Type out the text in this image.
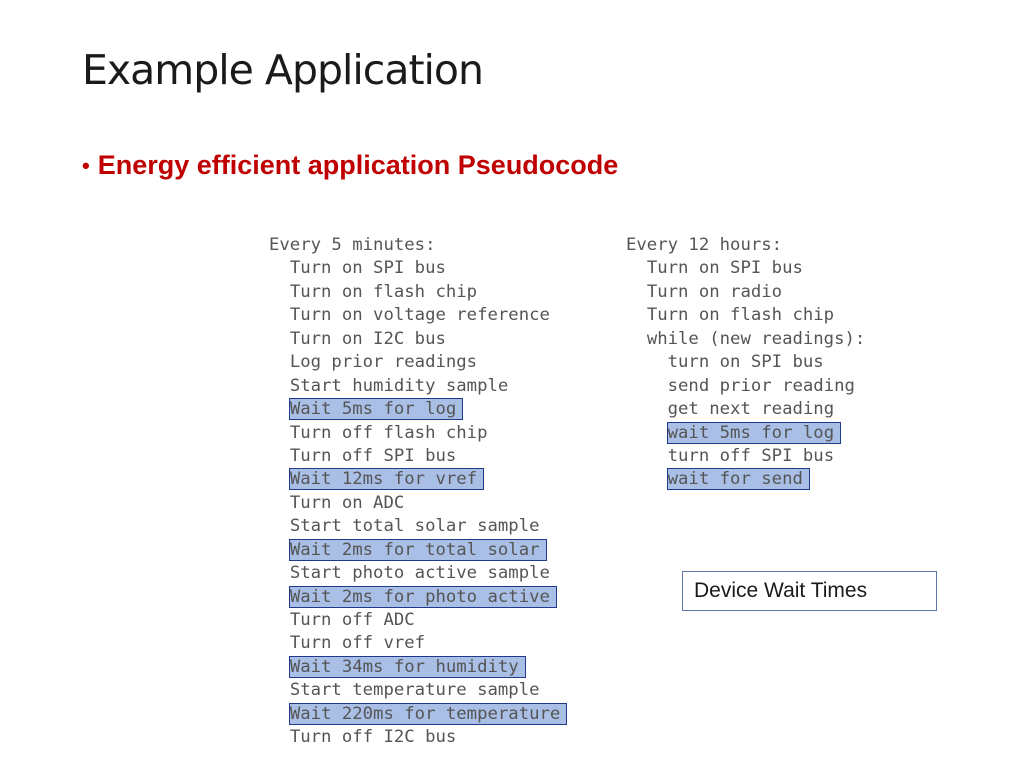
Example Application
• Energy efficient application Pseudocode
Every 5 minutes:
Turn on SPI bus
Turn on flash chip
Turn on voltage reference
Turn on I2C bus
Log prior readings
Start humidity sample
Wait 5ms for log
Turn off flash chip
Turn off SPI bus
Wait 12ms for vref
Turn on ADC
Start total solar sample
Wait 2ms for total solar
Start photo active sample
Wait 2ms for photo active
Turn off ADC
Turn off vref
Wait 34ms for humidity
Start temperature sample
Wait 220ms for temperature
Turn off I2C bus
Every 12 hours:
Turn on SPI bus
Turn on radio
Turn on flash chip
while (new readings):
turn on SPI bus
send prior reading
get next reading
wait 5ms for log
turn off SPI bus
wait for send
Device Wait Times
